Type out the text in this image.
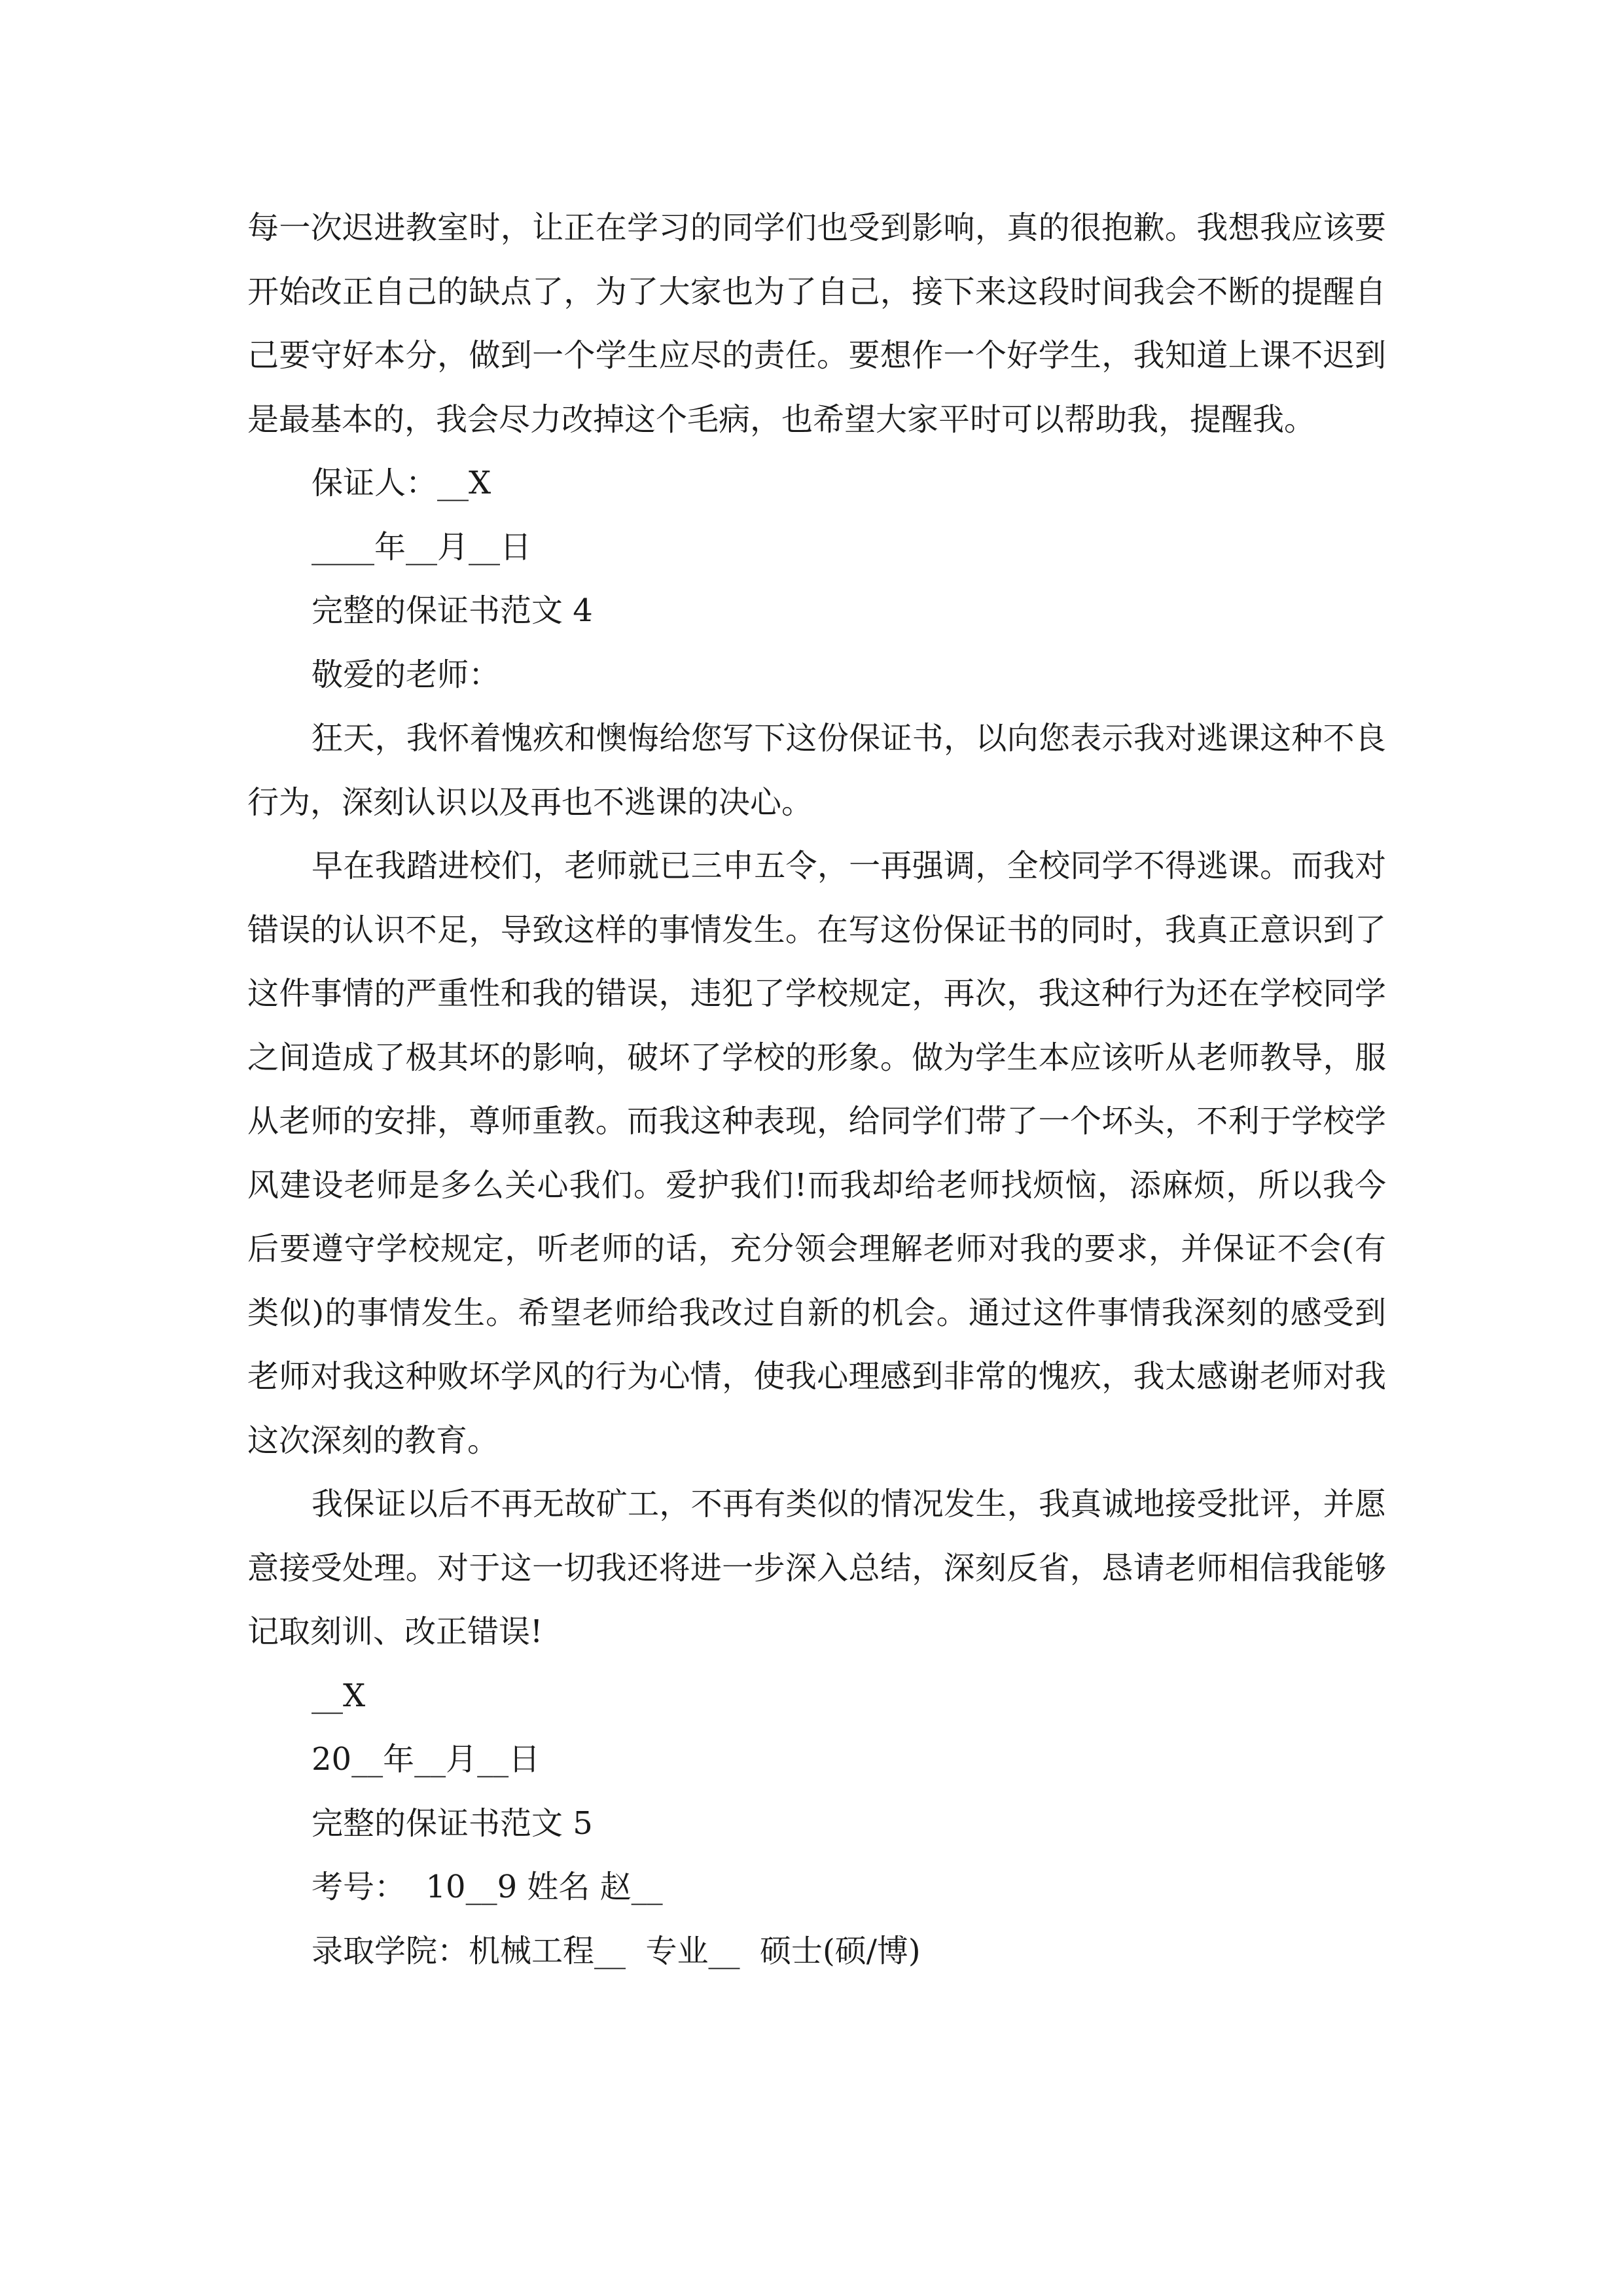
每一次迟进教室时，让正在学习的同学们也受到影响，真的很抱歉。我想我应该要开始改正自己的缺点了，为了大家也为了自己，接下来这段时间我会不断的提醒自己要守好本分，做到一个学生应尽的责任。要想作一个好学生，我知道上课不迟到是最基本的，我会尽力改掉这个毛病，也希望大家平时可以帮助我，提醒我。

保证人：__X

____年__月__日

完整的保证书范文 4

敬爱的老师：

狂天，我怀着愧疚和懊悔给您写下这份保证书，以向您表示我对逃课这种不良行为，深刻认识以及再也不逃课的决心。

早在我踏进校们，老师就已三申五令，一再强调，全校同学不得逃课。而我对错误的认识不足，导致这样的事情发生。在写这份保证书的同时，我真正意识到了这件事情的严重性和我的错误，违犯了学校规定，再次，我这种行为还在学校同学之间造成了极其坏的影响，破坏了学校的形象。做为学生本应该听从老师教导，服从老师的安排，尊师重教。而我这种表现，给同学们带了一个坏头，不利于学校学风建设老师是多么关心我们。爱护我们!而我却给老师找烦恼，添麻烦，所以我今后要遵守学校规定，听老师的话，充分领会理解老师对我的要求，并保证不会(有类似)的事情发生。希望老师给我改过自新的机会。通过这件事情我深刻的感受到老师对我这种败坏学风的行为心情，使我心理感到非常的愧疚，我太感谢老师对我这次深刻的教育。

我保证以后不再无故矿工，不再有类似的情况发生，我真诚地接受批评，并愿意接受处理。对于这一切我还将进一步深入总结，深刻反省，恳请老师相信我能够记取刻训、改正错误!

__X

20__年__月__日

完整的保证书范文 5

考号：  10__9 姓名 赵__

录取学院：机械工程__  专业__  硕士(硕/博)
